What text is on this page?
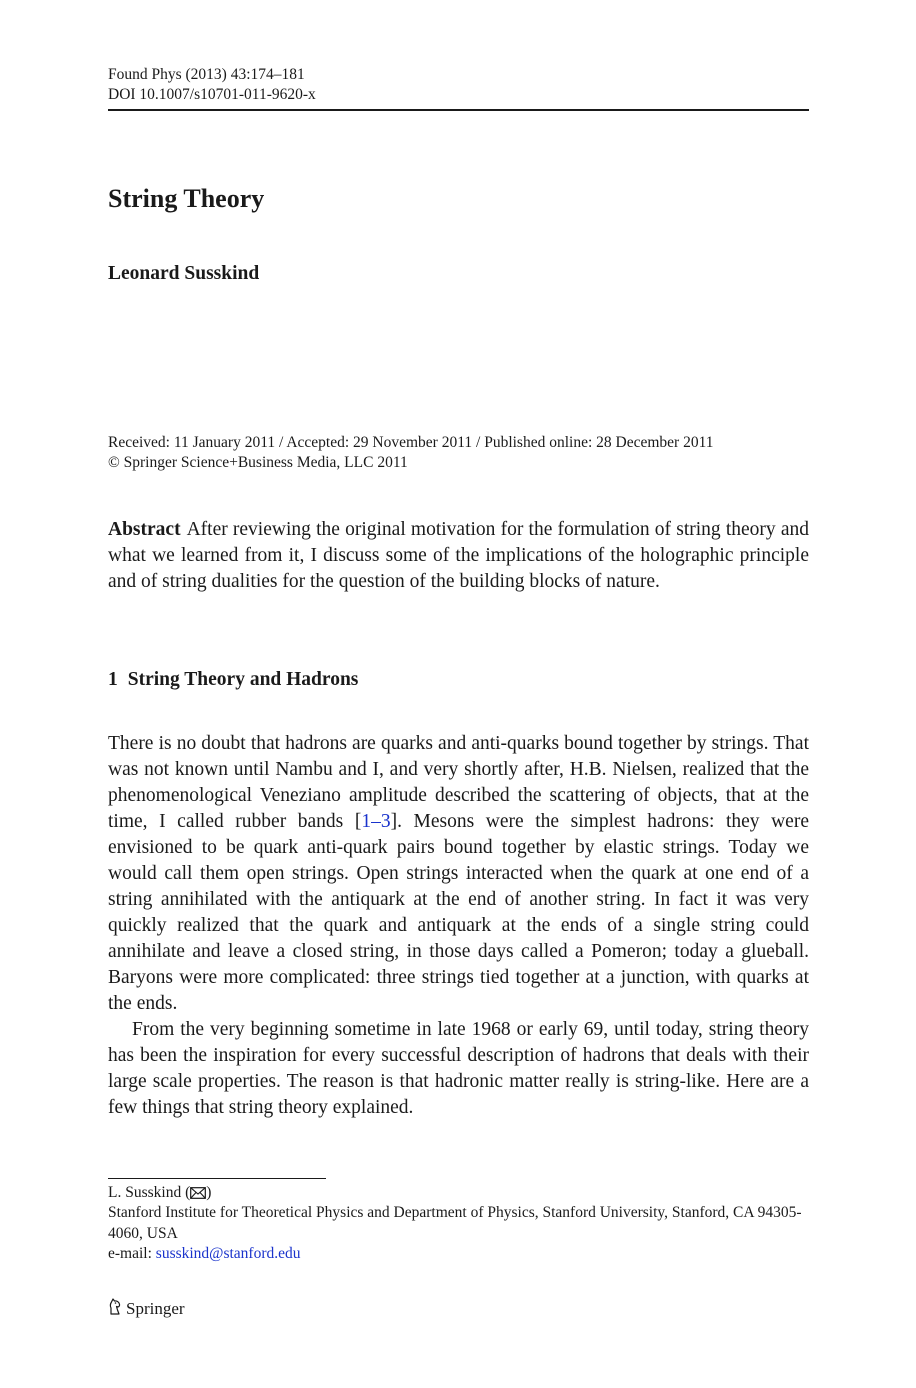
Found Phys (2013) 43:174–181
DOI 10.1007/s10701-011-9620-x
String Theory
Leonard Susskind
Received: 11 January 2011 / Accepted: 29 November 2011 / Published online: 28 December 2011
© Springer Science+Business Media, LLC 2011

Abstract After reviewing the original motivation for the formulation of string theory and what we learned from it, I discuss some of the implications of the holographic principle and of string dualities for the question of the building blocks of nature.

1 String Theory and Hadrons

There is no doubt that hadrons are quarks and anti-quarks bound together by strings. That was not known until Nambu and I, and very shortly after, H.B. Nielsen, realized that the phenomenological Veneziano amplitude described the scattering of objects, that at the time, I called rubber bands [1–3]. Mesons were the simplest hadrons: they were envisioned to be quark anti-quark pairs bound together by elastic strings. Today we would call them open strings. Open strings interacted when the quark at one end of a string annihilated with the antiquark at the end of another string. In fact it was very quickly realized that the quark and antiquark at the ends of a single string could annihilate and leave a closed string, in those days called a Pomeron; today a glueball. Baryons were more complicated: three strings tied together at a junction, with quarks at the ends.

From the very beginning sometime in late 1968 or early 69, until today, string theory has been the inspiration for every successful description of hadrons that deals with their large scale properties. The reason is that hadronic matter really is string-like. Here are a few things that string theory explained.

L. Susskind ( )
Stanford Institute for Theoretical Physics and Department of Physics, Stanford University, Stanford, CA 94305-4060, USA
e-mail: susskind@stanford.edu
Springer
